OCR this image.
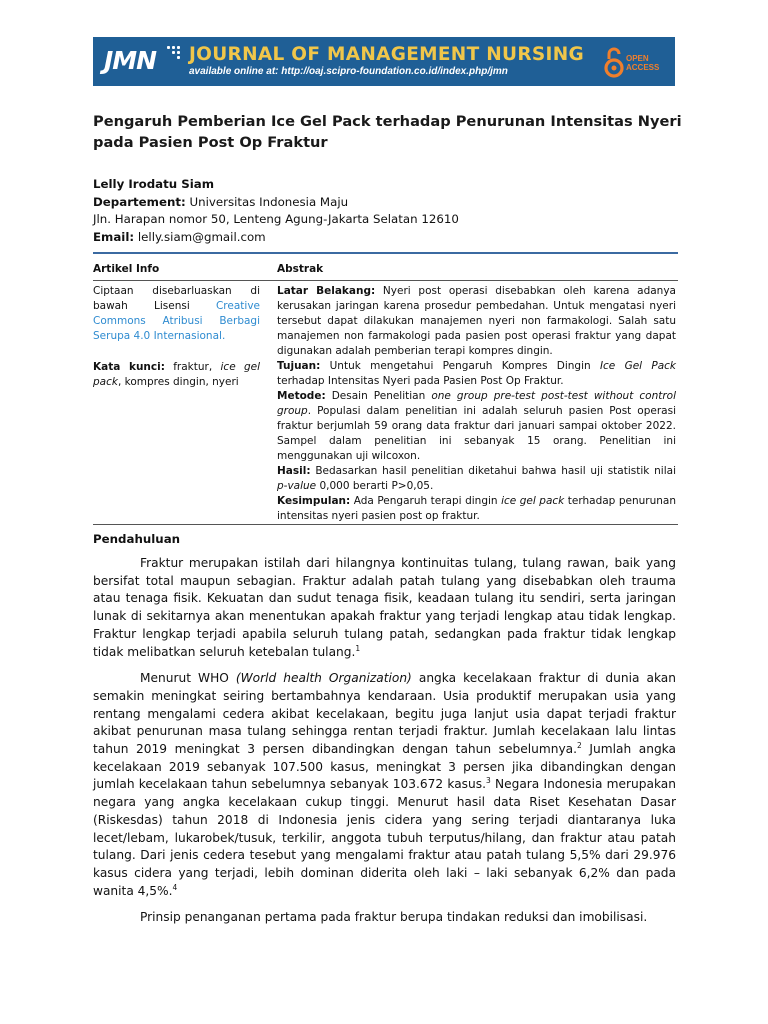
JMN JOURNAL OF MANAGEMENT NURSING
available online at: http://oaj.scipro-foundation.co.id/index.php/jmn
OPEN
ACCESS
Pengaruh Pemberian Ice Gel Pack terhadap Penurunan Intensitas Nyeri pada Pasien Post Op Fraktur
Lelly Irodatu Siam
Departement: Universitas Indonesia Maju
Jln. Harapan nomor 50, Lenteng Agung-Jakarta Selatan 12610
Email: lelly.siam@gmail.com
Artikel Info	Abstrak
Ciptaan disebarluaskan di bawah Lisensi Creative Commons Atribusi Berbagi Serupa 4.0 Internasional.
Kata kunci: fraktur, ice gel pack, kompres dingin, nyeri

Latar Belakang: Nyeri post operasi disebabkan oleh karena adanya kerusakan jaringan karena prosedur pembedahan. Untuk mengatasi nyeri tersebut dapat dilakukan manajemen nyeri non farmakologi. Salah satu manajemen non farmakologi pada pasien post operasi fraktur yang dapat digunakan adalah pemberian terapi kompres dingin.

Tujuan: Untuk mengetahui Pengaruh Kompres Dingin Ice Gel Pack terhadap Intensitas Nyeri pada Pasien Post Op Fraktur.

Metode: Desain Penelitian one group pre-test post-test without control group. Populasi dalam penelitian ini adalah seluruh pasien Post operasi fraktur berjumlah 59 orang data fraktur dari januari sampai oktober 2022. Sampel dalam penelitian ini sebanyak 15 orang. Penelitian ini menggunakan uji wilcoxon.

Hasil: Bedasarkan hasil penelitian diketahui bahwa hasil uji statistik nilai p-value 0,000 berarti P>0,05.

Kesimpulan: Ada Pengaruh terapi dingin ice gel pack terhadap penurunan intensitas nyeri pasien post op fraktur.

Pendahuluan

Fraktur merupakan istilah dari hilangnya kontinuitas tulang, tulang rawan, baik yang bersifat total maupun sebagian. Fraktur adalah patah tulang yang disebabkan oleh trauma atau tenaga fisik. Kekuatan dan sudut tenaga fisik, keadaan tulang itu sendiri, serta jaringan lunak di sekitarnya akan menentukan apakah fraktur yang terjadi lengkap atau tidak lengkap. Fraktur lengkap terjadi apabila seluruh tulang patah, sedangkan pada fraktur tidak lengkap tidak melibatkan seluruh ketebalan tulang.$^1$

Menurut WHO (World health Organization) angka kecelakaan fraktur di dunia akan semakin meningkat seiring bertambahnya kendaraan. Usia produktif merupakan usia yang rentang mengalami cedera akibat kecelakaan, begitu juga lanjut usia dapat terjadi fraktur akibat penurunan masa tulang sehingga rentan terjadi fraktur. Jumlah kecelakaan lalu lintas tahun 2019 meningkat 3 persen dibandingkan dengan tahun sebelumnya.$^2$ Jumlah angka kecelakaan 2019 sebanyak 107.500 kasus, meningkat 3 persen jika dibandingkan dengan jumlah kecelakaan tahun sebelumnya sebanyak 103.672 kasus.$^3$ Negara Indonesia merupakan negara yang angka kecelakaan cukup tinggi. Menurut hasil data Riset Kesehatan Dasar (Riskesdas) tahun 2018 di Indonesia jenis cidera yang sering terjadi diantaranya luka lecet/lebam, lukarobek/tusuk, terkilir, anggota tubuh terputus/hilang, dan fraktur atau patah tulang. Dari jenis cedera tesebut yang mengalami fraktur atau patah tulang 5,5% dari 29.976 kasus cidera yang terjadi, lebih dominan diderita oleh laki – laki sebanyak 6,2% dan pada wanita 4,5%.$^4$

Prinsip penanganan pertama pada fraktur berupa tindakan reduksi dan imobilisasi.
